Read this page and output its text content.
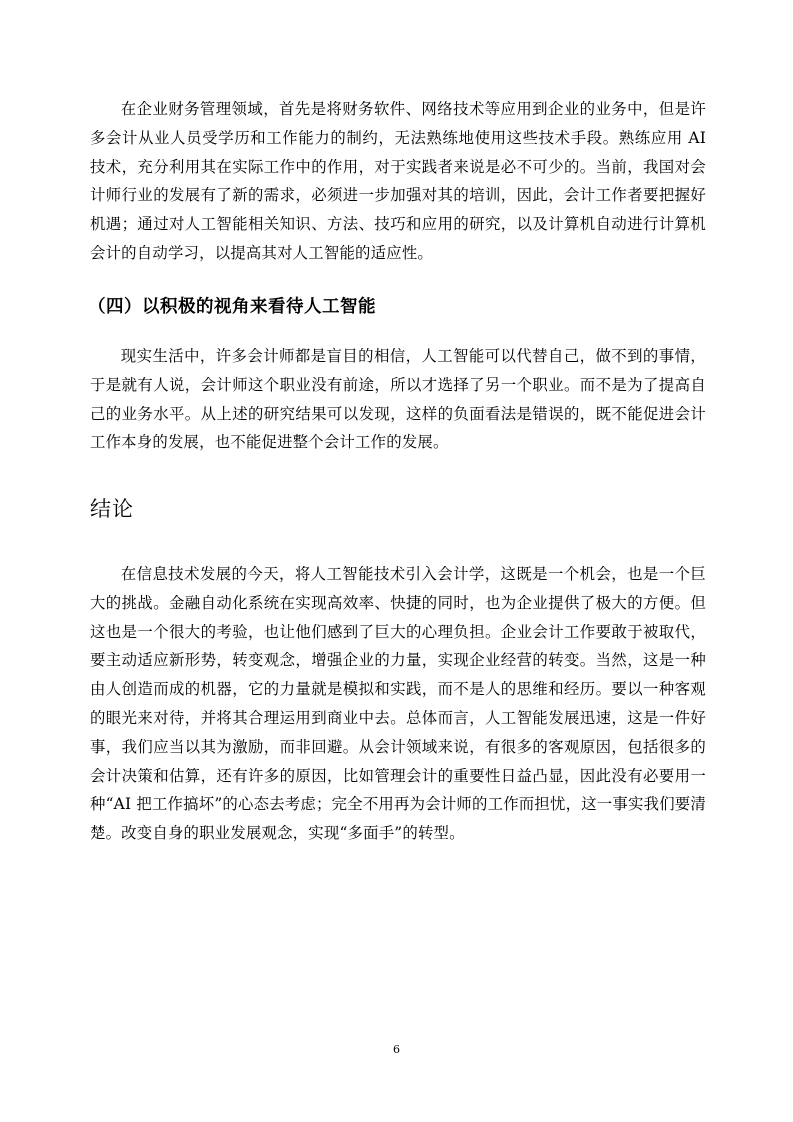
在企业财务管理领域，首先是将财务软件、网络技术等应用到企业的业务中，但是许多会计从业人员受学历和工作能力的制约，无法熟练地使用这些技术手段。熟练应用 AI 技术，充分利用其在实际工作中的作用，对于实践者来说是必不可少的。当前，我国对会计师行业的发展有了新的需求，必须进一步加强对其的培训，因此，会计工作者要把握好机遇；通过对人工智能相关知识、方法、技巧和应用的研究，以及计算机自动进行计算机会计的自动学习，以提高其对人工智能的适应性。

（四）以积极的视角来看待人工智能

现实生活中，许多会计师都是盲目的相信，人工智能可以代替自己，做不到的事情，于是就有人说，会计师这个职业没有前途，所以才选择了另一个职业。而不是为了提高自己的业务水平。从上述的研究结果可以发现，这样的负面看法是错误的，既不能促进会计工作本身的发展，也不能促进整个会计工作的发展。

结论

在信息技术发展的今天，将人工智能技术引入会计学，这既是一个机会，也是一个巨大的挑战。金融自动化系统在实现高效率、快捷的同时，也为企业提供了极大的方便。但这也是一个很大的考验，也让他们感到了巨大的心理负担。企业会计工作要敢于被取代，要主动适应新形势，转变观念，增强企业的力量，实现企业经营的转变。当然，这是一种由人创造而成的机器，它的力量就是模拟和实践，而不是人的思维和经历。要以一种客观的眼光来对待，并将其合理运用到商业中去。总体而言，人工智能发展迅速，这是一件好事，我们应当以其为激励，而非回避。从会计领域来说，有很多的客观原因，包括很多的会计决策和估算，还有许多的原因，比如管理会计的重要性日益凸显，因此没有必要用一种“AI 把工作搞坏”的心态去考虑；完全不用再为会计师的工作而担忧，这一事实我们要清楚。改变自身的职业发展观念，实现“多面手”的转型。

6
